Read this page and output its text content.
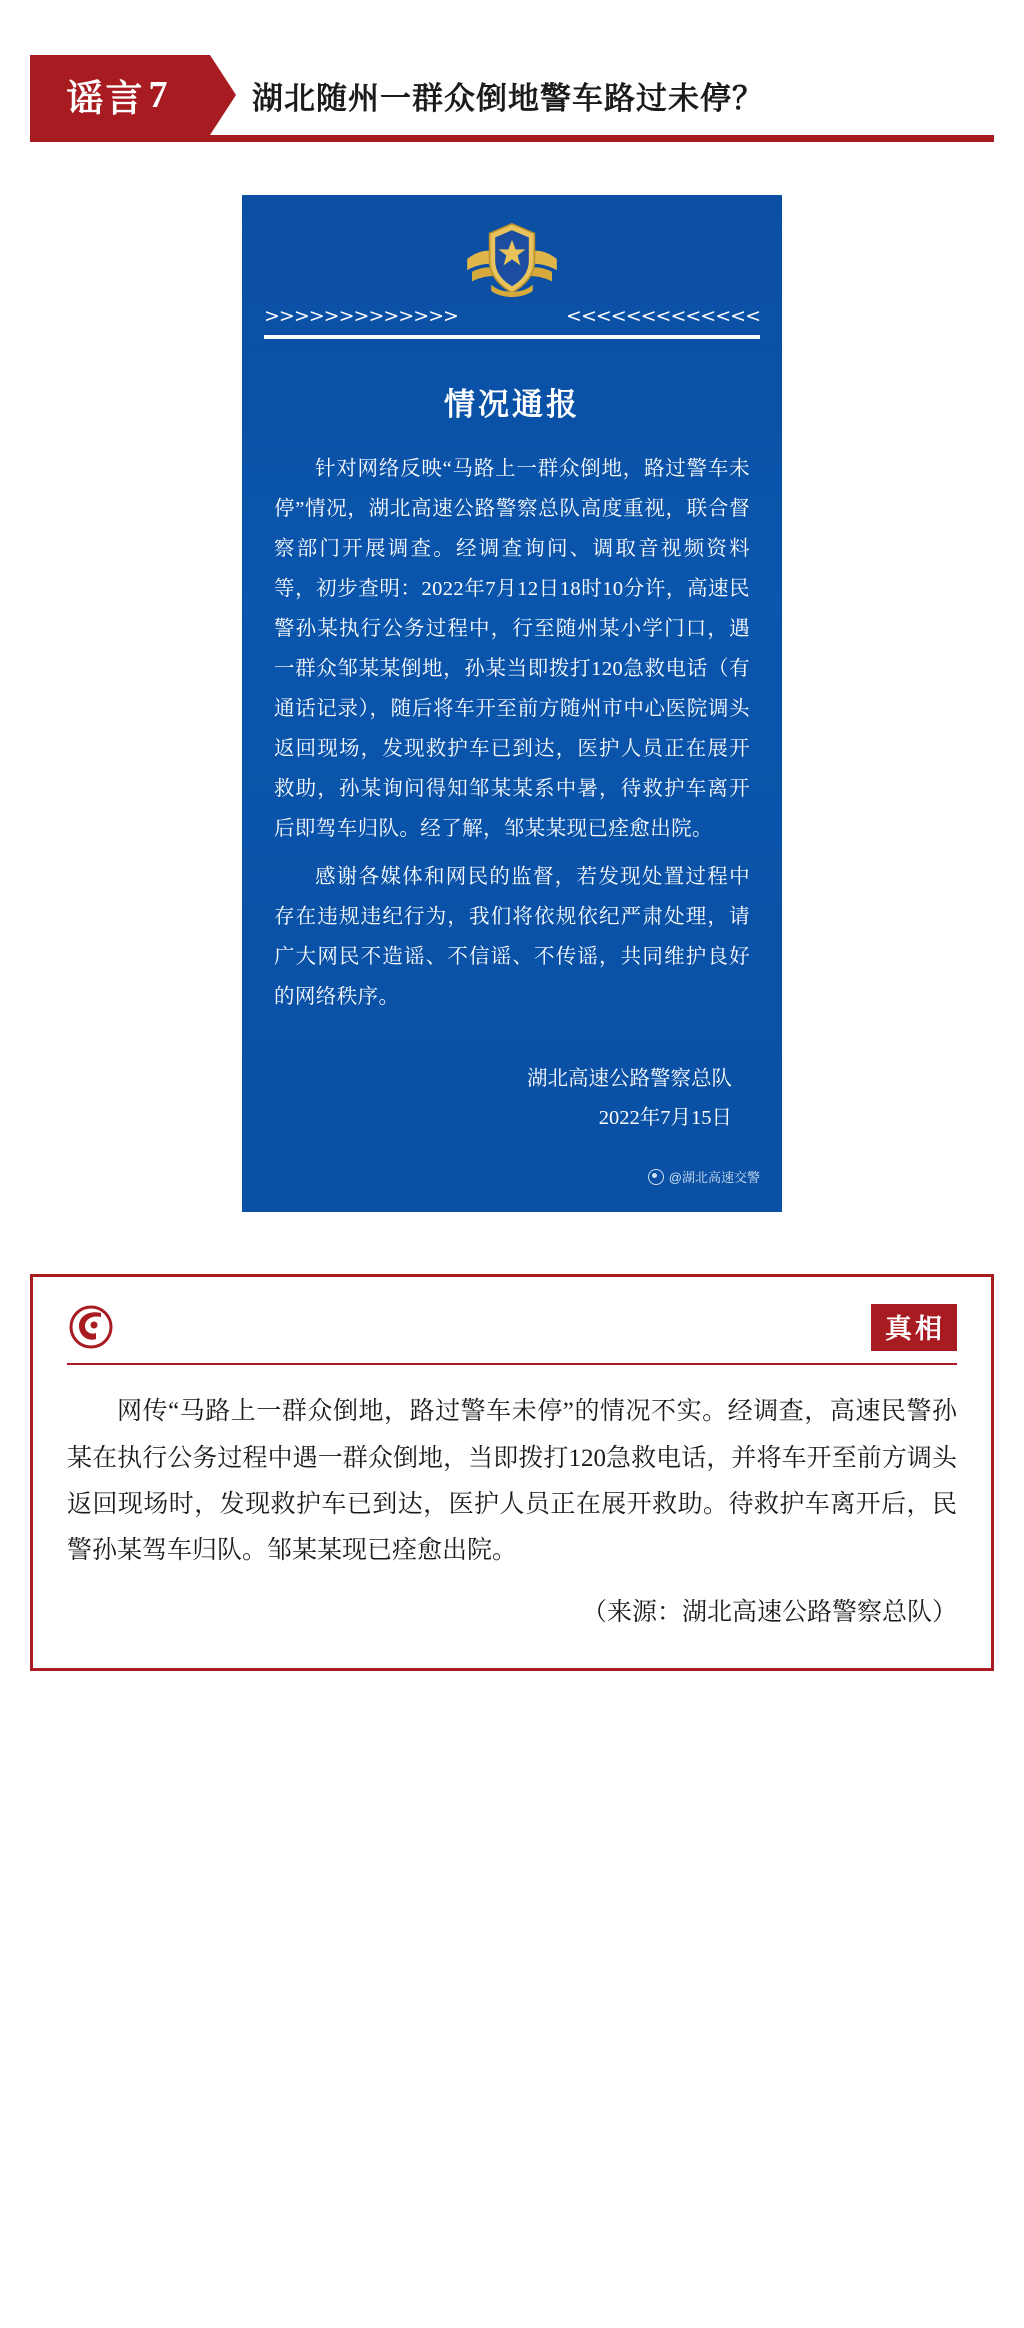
谣言 7	湖北随州一群众倒地警车路过未停？
>>>>>>>>>>>>>	<<<<<<<<<<<<<
情况通报

针对网络反映“马路上一群众倒地，路过警车未停”情况，湖北高速公路警察总队高度重视，联合督察部门开展调查。经调查询问、调取音视频资料等，初步查明：2022年7月12日18时10分许，高速民警孙某执行公务过程中，行至随州某小学门口，遇一群众邹某某倒地，孙某当即拨打120急救电话（有通话记录），随后将车开至前方随州市中心医院调头返回现场，发现救护车已到达，医护人员正在展开救助，孙某询问得知邹某某系中暑，待救护车离开后即驾车归队。经了解，邹某某现已痊愈出院。

感谢各媒体和网民的监督，若发现处置过程中存在违规违纪行为，我们将依规依纪严肃处理，请广大网民不造谣、不信谣、不传谣，共同维护良好的网络秩序。

湖北高速公路警察总队
2022年7月15日
@湖北高速交警
真相

网传“马路上一群众倒地，路过警车未停”的情况不实。经调查，高速民警孙某在执行公务过程中遇一群众倒地，当即拨打120急救电话，并将车开至前方调头返回现场时，发现救护车已到达，医护人员正在展开救助。待救护车离开后，民警孙某驾车归队。邹某某现已痊愈出院。

（来源：湖北高速公路警察总队）
